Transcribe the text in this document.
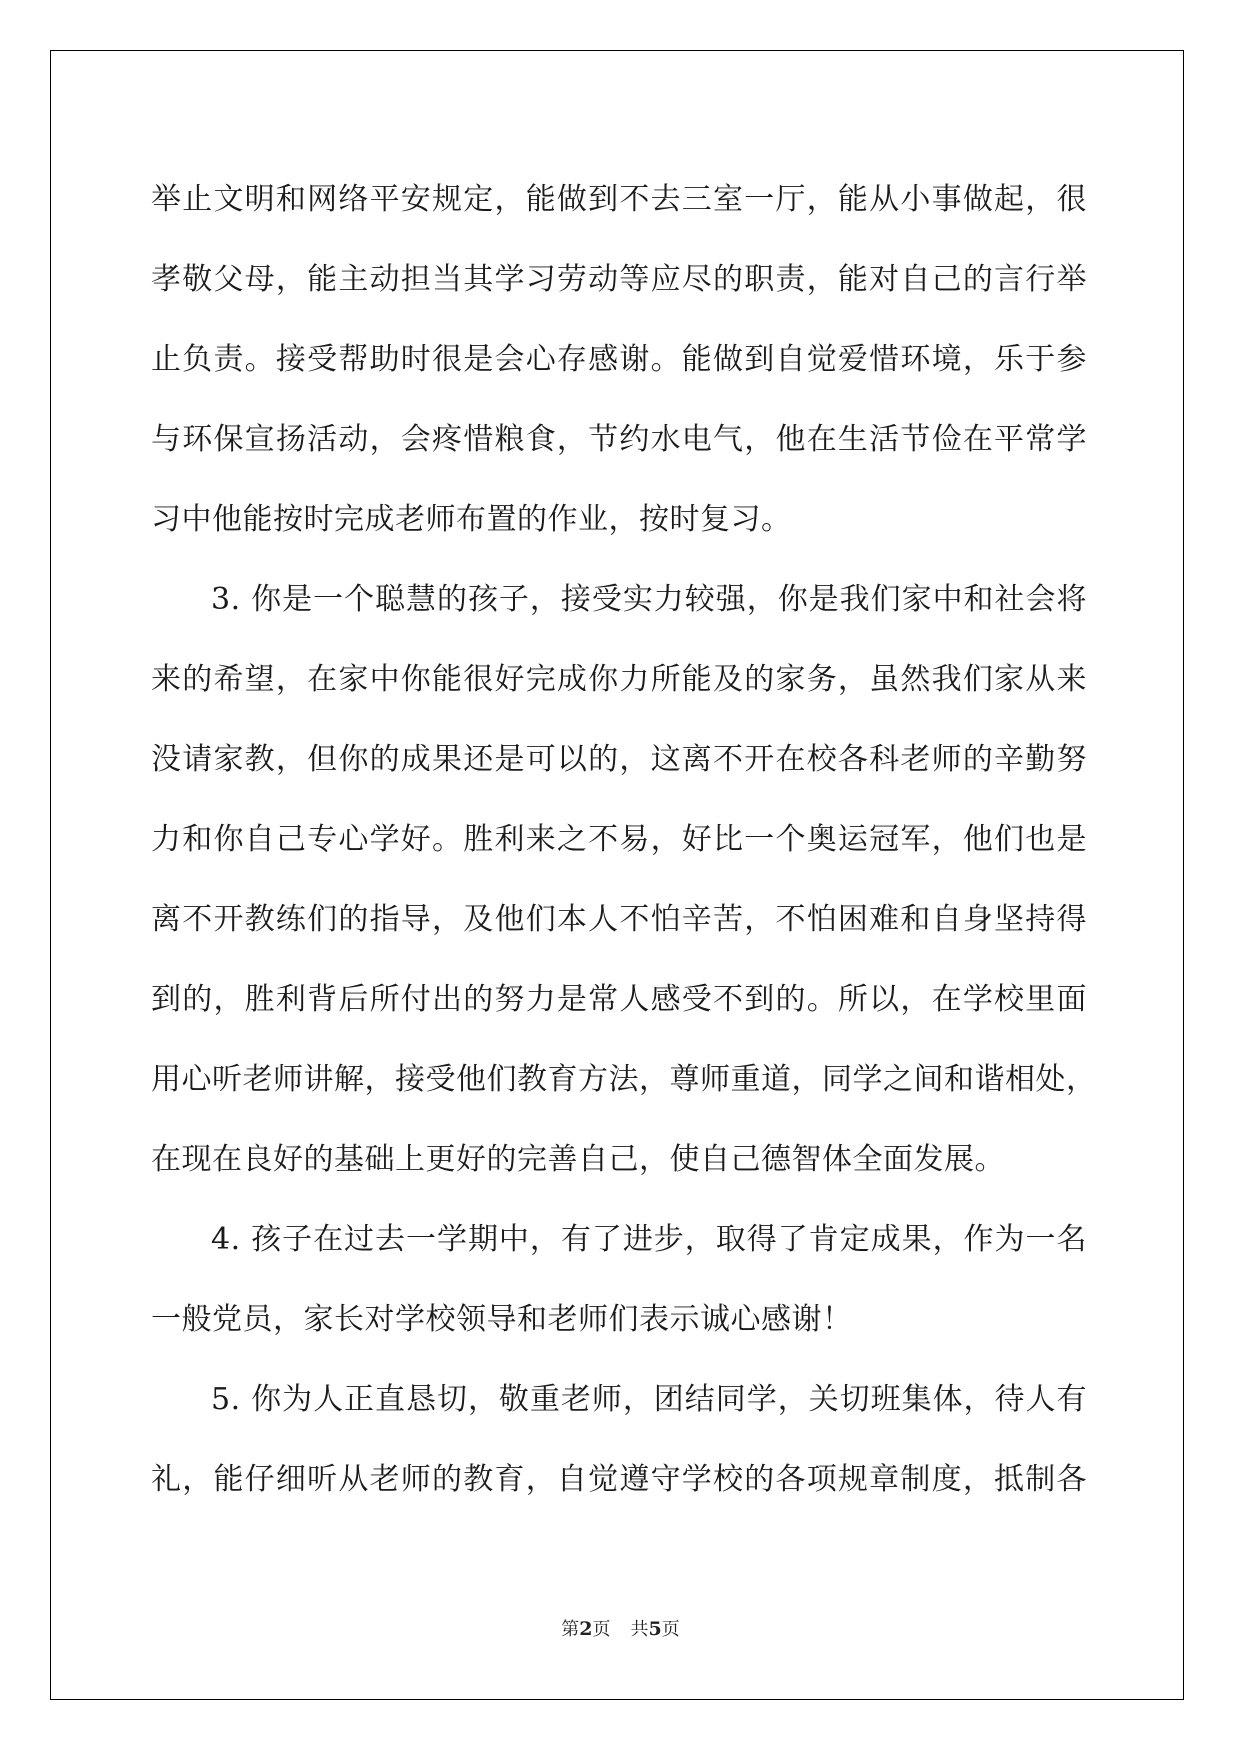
举止文明和网络平安规定，能做到不去三室一厅，能从小事做起，很
孝敬父母，能主动担当其学习劳动等应尽的职责，能对自己的言行举
止负责。接受帮助时很是会心存感谢。能做到自觉爱惜环境，乐于参
与环保宣扬活动，会疼惜粮食，节约水电气，他在生活节俭在平常学
习中他能按时完成老师布置的作业，按时复习。
3. 你是一个聪慧的孩子，接受实力较强，你是我们家中和社会将
来的希望，在家中你能很好完成你力所能及的家务，虽然我们家从来
没请家教，但你的成果还是可以的，这离不开在校各科老师的辛勤努
力和你自己专心学好。胜利来之不易，好比一个奥运冠军，他们也是
离不开教练们的指导，及他们本人不怕辛苦，不怕困难和自身坚持得
到的，胜利背后所付出的努力是常人感受不到的。所以，在学校里面
用心听老师讲解，接受他们教育方法，尊师重道，同学之间和谐相处，
在现在良好的基础上更好的完善自己，使自己德智体全面发展。
4. 孩子在过去一学期中，有了进步，取得了肯定成果，作为一名
一般党员，家长对学校领导和老师们表示诚心感谢！
5. 你为人正直恳切，敬重老师，团结同学，关切班集体，待人有
礼，能仔细听从老师的教育，自觉遵守学校的各项规章制度，抵制各
第2页 共5页
